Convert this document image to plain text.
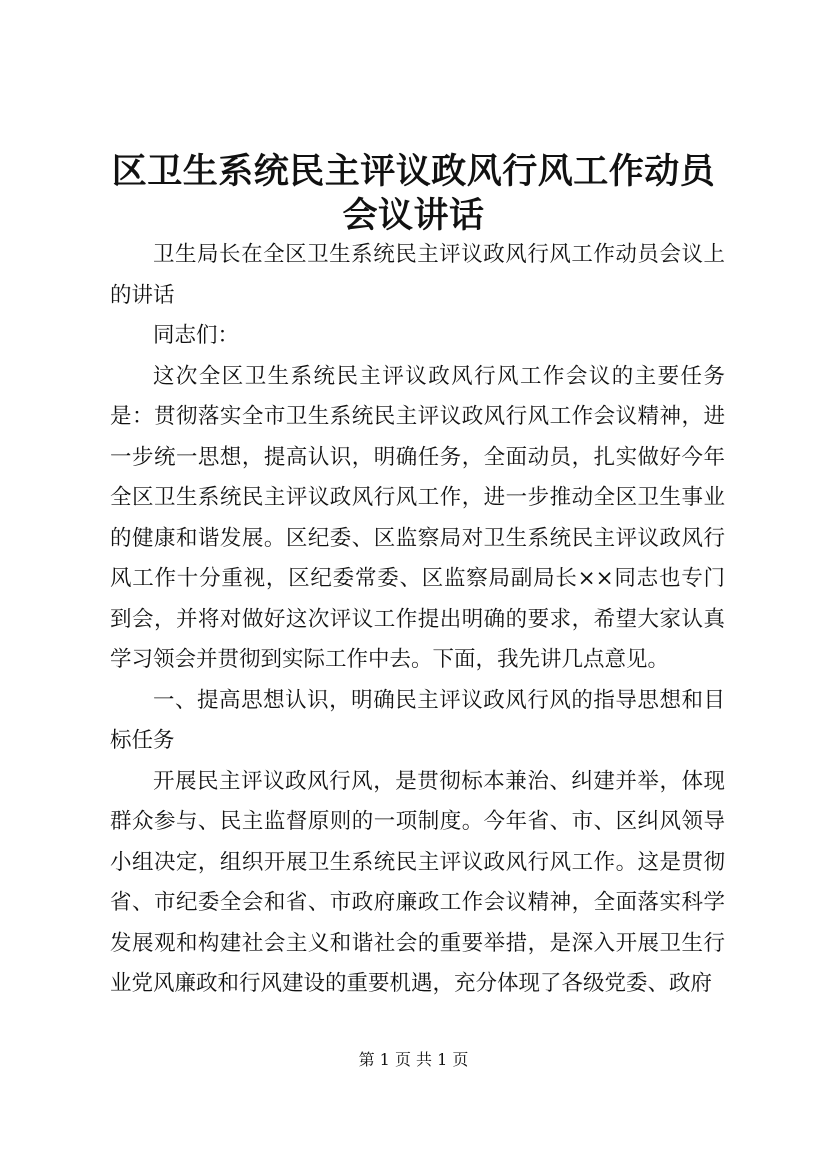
区卫生系统民主评议政风行风工作动员会议讲话

卫生局长在全区卫生系统民主评议政风行风工作动员会议上的讲话

同志们：

这次全区卫生系统民主评议政风行风工作会议的主要任务是：贯彻落实全市卫生系统民主评议政风行风工作会议精神，进一步统一思想，提高认识，明确任务，全面动员，扎实做好今年全区卫生系统民主评议政风行风工作，进一步推动全区卫生事业的健康和谐发展。区纪委、区监察局对卫生系统民主评议政风行风工作十分重视，区纪委常委、区监察局副局长××同志也专门到会，并将对做好这次评议工作提出明确的要求，希望大家认真学习领会并贯彻到实际工作中去。下面，我先讲几点意见。

一、提高思想认识，明确民主评议政风行风的指导思想和目标任务

开展民主评议政风行风，是贯彻标本兼治、纠建并举，体现群众参与、民主监督原则的一项制度。今年省、市、区纠风领导小组决定，组织开展卫生系统民主评议政风行风工作。这是贯彻省、市纪委全会和省、市政府廉政工作会议精神，全面落实科学发展观和构建社会主义和谐社会的重要举措，是深入开展卫生行业党风廉政和行风建设的重要机遇，充分体现了各级党委、政府

第 1 页 共 1 页
